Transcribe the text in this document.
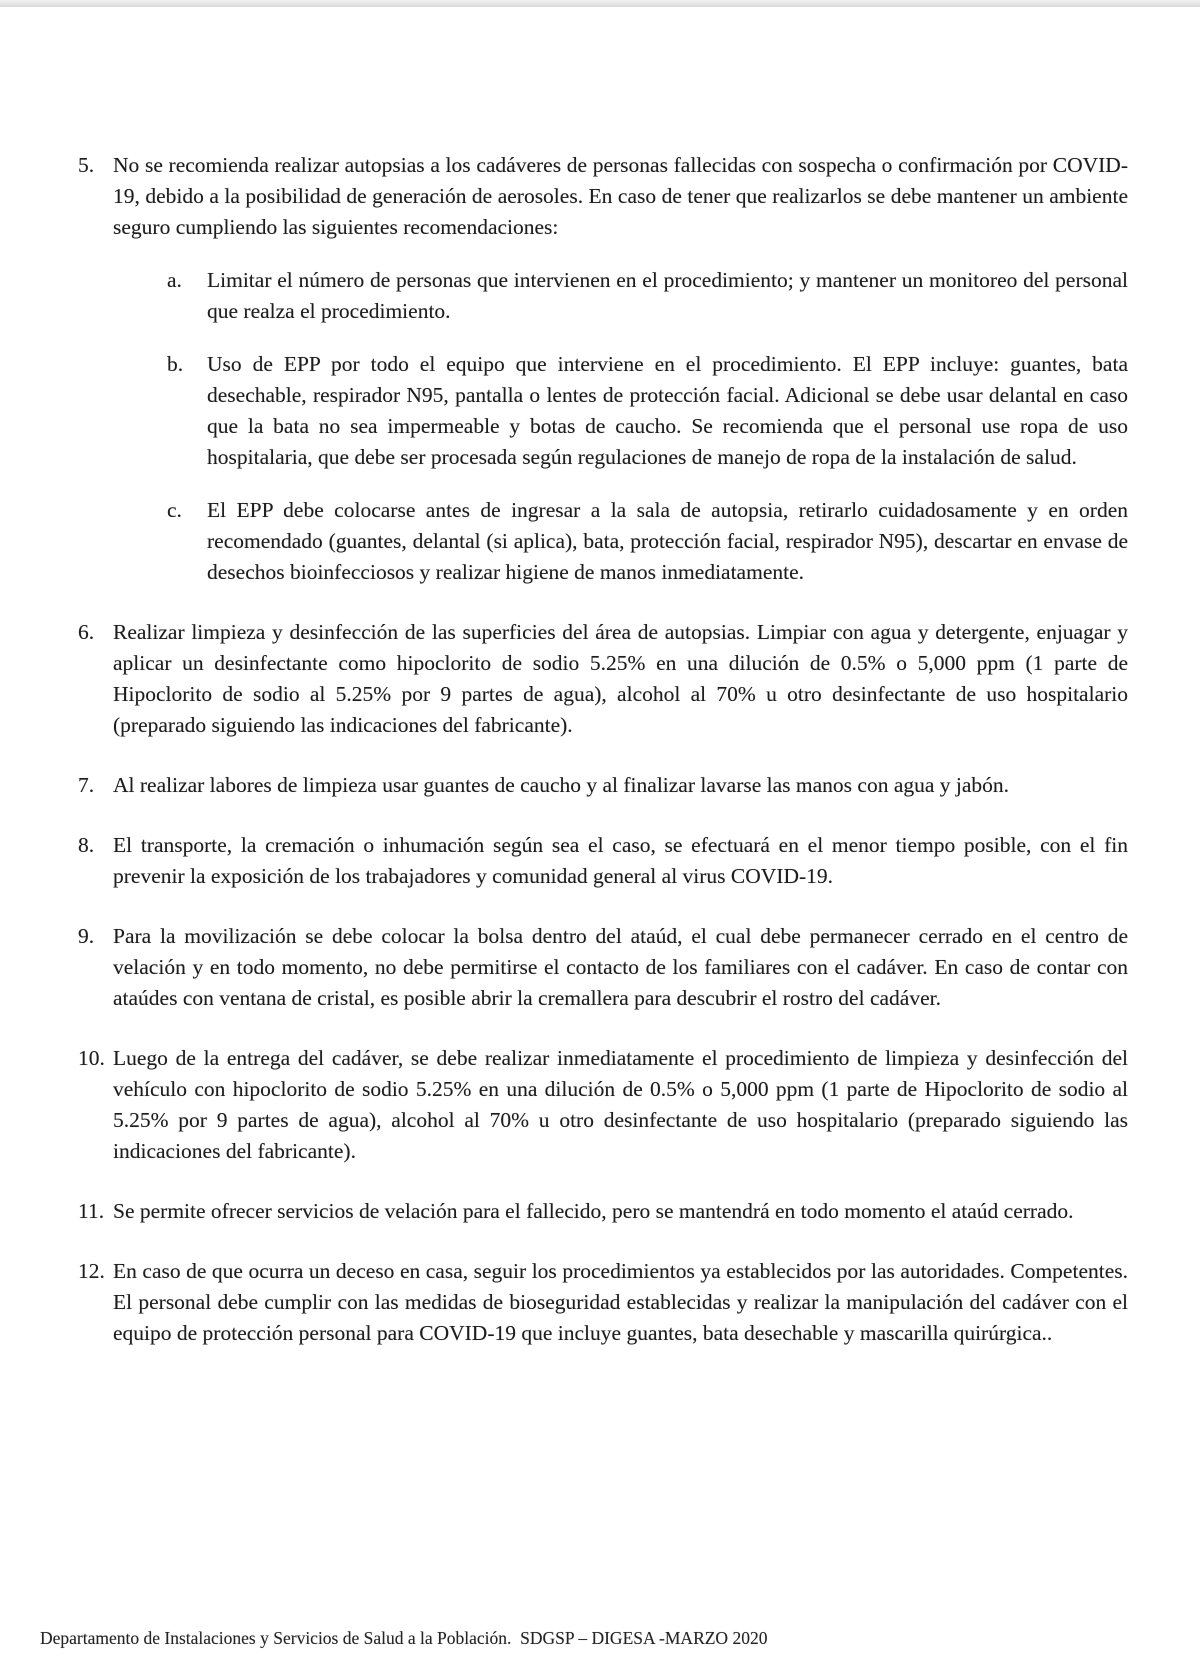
5. No se recomienda realizar autopsias a los cadáveres de personas fallecidas con sospecha o confirmación por COVID-19, debido a la posibilidad de generación de aerosoles. En caso de tener que realizarlos se debe mantener un ambiente seguro cumpliendo las siguientes recomendaciones:

a. Limitar el número de personas que intervienen en el procedimiento; y mantener un monitoreo del personal que realza el procedimiento.

b. Uso de EPP por todo el equipo que interviene en el procedimiento. El EPP incluye: guantes, bata desechable, respirador N95, pantalla o lentes de protección facial. Adicional se debe usar delantal en caso que la bata no sea impermeable y botas de caucho. Se recomienda que el personal use ropa de uso hospitalaria, que debe ser procesada según regulaciones de manejo de ropa de la instalación de salud.

c. El EPP debe colocarse antes de ingresar a la sala de autopsia, retirarlo cuidadosamente y en orden recomendado (guantes, delantal (si aplica), bata, protección facial, respirador N95), descartar en envase de desechos bioinfecciosos y realizar higiene de manos inmediatamente.

6. Realizar limpieza y desinfección de las superficies del área de autopsias. Limpiar con agua y detergente, enjuagar y aplicar un desinfectante como hipoclorito de sodio 5.25% en una dilución de 0.5% o 5,000 ppm (1 parte de Hipoclorito de sodio al 5.25% por 9 partes de agua), alcohol al 70% u otro desinfectante de uso hospitalario (preparado siguiendo las indicaciones del fabricante).

7. Al realizar labores de limpieza usar guantes de caucho y al finalizar lavarse las manos con agua y jabón.

8. El transporte, la cremación o inhumación según sea el caso, se efectuará en el menor tiempo posible, con el fin prevenir la exposición de los trabajadores y comunidad general al virus COVID-19.

9. Para la movilización se debe colocar la bolsa dentro del ataúd, el cual debe permanecer cerrado en el centro de velación y en todo momento, no debe permitirse el contacto de los familiares con el cadáver. En caso de contar con ataúdes con ventana de cristal, es posible abrir la cremallera para descubrir el rostro del cadáver.

10. Luego de la entrega del cadáver, se debe realizar inmediatamente el procedimiento de limpieza y desinfección del vehículo con hipoclorito de sodio 5.25% en una dilución de 0.5% o 5,000 ppm (1 parte de Hipoclorito de sodio al 5.25% por 9 partes de agua), alcohol al 70% u otro desinfectante de uso hospitalario (preparado siguiendo las indicaciones del fabricante).

11. Se permite ofrecer servicios de velación para el fallecido, pero se mantendrá en todo momento el ataúd cerrado.

12. En caso de que ocurra un deceso en casa, seguir los procedimientos ya establecidos por las autoridades. Competentes. El personal debe cumplir con las medidas de bioseguridad establecidas y realizar la manipulación del cadáver con el equipo de protección personal para COVID-19 que incluye guantes, bata desechable y mascarilla quirúrgica..

Departamento de Instalaciones y Servicios de Salud a la Población.  SDGSP – DIGESA -MARZO 2020
